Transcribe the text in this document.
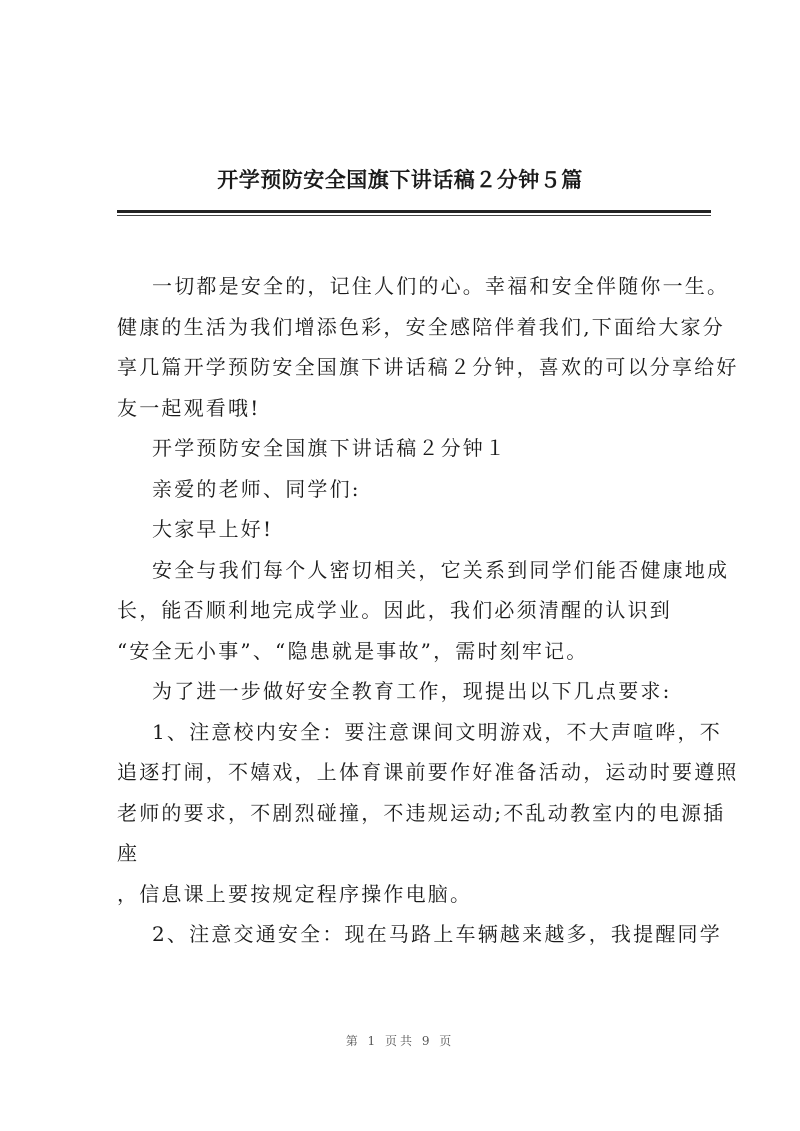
开学预防安全国旗下讲话稿２分钟５篇

一切都是安全的，记住人们的心。幸福和安全伴随你一生。

健康的生活为我们增添色彩，安全感陪伴着我们,下面给大家分

享几篇开学预防安全国旗下讲话稿２分钟，喜欢的可以分享给好

友一起观看哦!

开学预防安全国旗下讲话稿２分钟１

亲爱的老师、同学们:

大家早上好!

安全与我们每个人密切相关，它关系到同学们能否健康地成

长，能否顺利地完成学业。因此，我们必须清醒的认识到

“安全无小事”、“隐患就是事故”，需时刻牢记。

为了进一步做好安全教育工作，现提出以下几点要求:

1、注意校内安全：要注意课间文明游戏，不大声喧哗，不

追逐打闹，不嬉戏，上体育课前要作好准备活动，运动时要遵照

老师的要求，不剧烈碰撞，不违规运动;不乱动教室内的电源插

座

，信息课上要按规定程序操作电脑。

2、注意交通安全：现在马路上车辆越来越多，我提醒同学

第 1 页共 9 页
